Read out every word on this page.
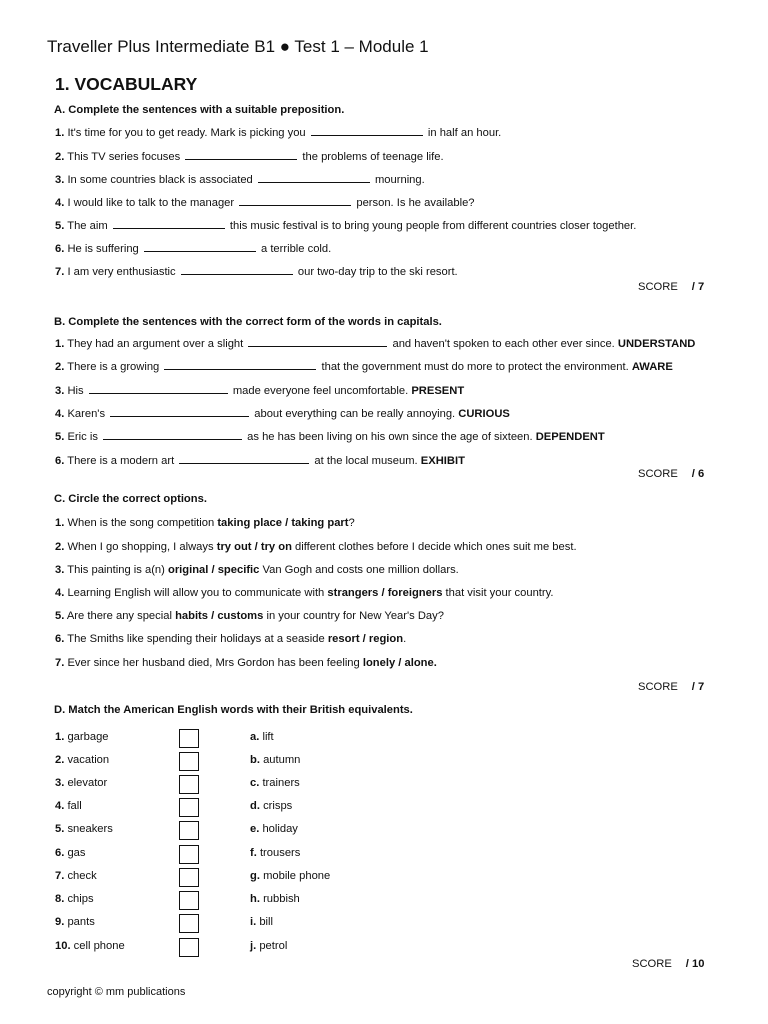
Traveller Plus Intermediate B1 ● Test 1 – Module 1
1. VOCABULARY
A. Complete the sentences with a suitable preposition.
1. It's time for you to get ready. Mark is picking you	in half an hour.
2. This TV series focuses	the problems of teenage life.
3. In some countries black is associated	mourning.
4. I would like to talk to the manager	person. Is he available?
5. The aim	this music festival is to bring young people from different countries closer together.
6. He is suffering	a terrible cold.
7. I am very enthusiastic	our two-day trip to the ski resort.
SCORE / 7
B. Complete the sentences with the correct form of the words in capitals.
1. They had an argument over a slight	and haven't spoken to each other ever since. UNDERSTAND
2. There is a growing	that the government must do more to protect the environment. AWARE
3. His	made everyone feel uncomfortable. PRESENT
4. Karen's	about everything can be really annoying. CURIOUS
5. Eric is	as he has been living on his own since the age of sixteen. DEPENDENT
6. There is a modern art	at the local museum. EXHIBIT
SCORE / 6
C. Circle the correct options.
1. When is the song competition taking place / taking part?
2. When I go shopping, I always try out / try on different clothes before I decide which ones suit me best.
3. This painting is a(n) original / specific Van Gogh and costs one million dollars.
4. Learning English will allow you to communicate with strangers / foreigners that visit your country.
5. Are there any special habits / customs in your country for New Year's Day?
6. The Smiths like spending their holidays at a seaside resort / region.
7. Ever since her husband died, Mrs Gordon has been feeling lonely / alone.
SCORE / 7
D. Match the American English words with their British equivalents.
1. garbage	a. lift
2. vacation	b. autumn
3. elevator	c. trainers
4. fall	d. crisps
5. sneakers	e. holiday
6. gas	f. trousers
7. check	g. mobile phone
8. chips	h. rubbish
9. pants	i. bill
10. cell phone	j. petrol
SCORE / 10
copyright © mm publications
